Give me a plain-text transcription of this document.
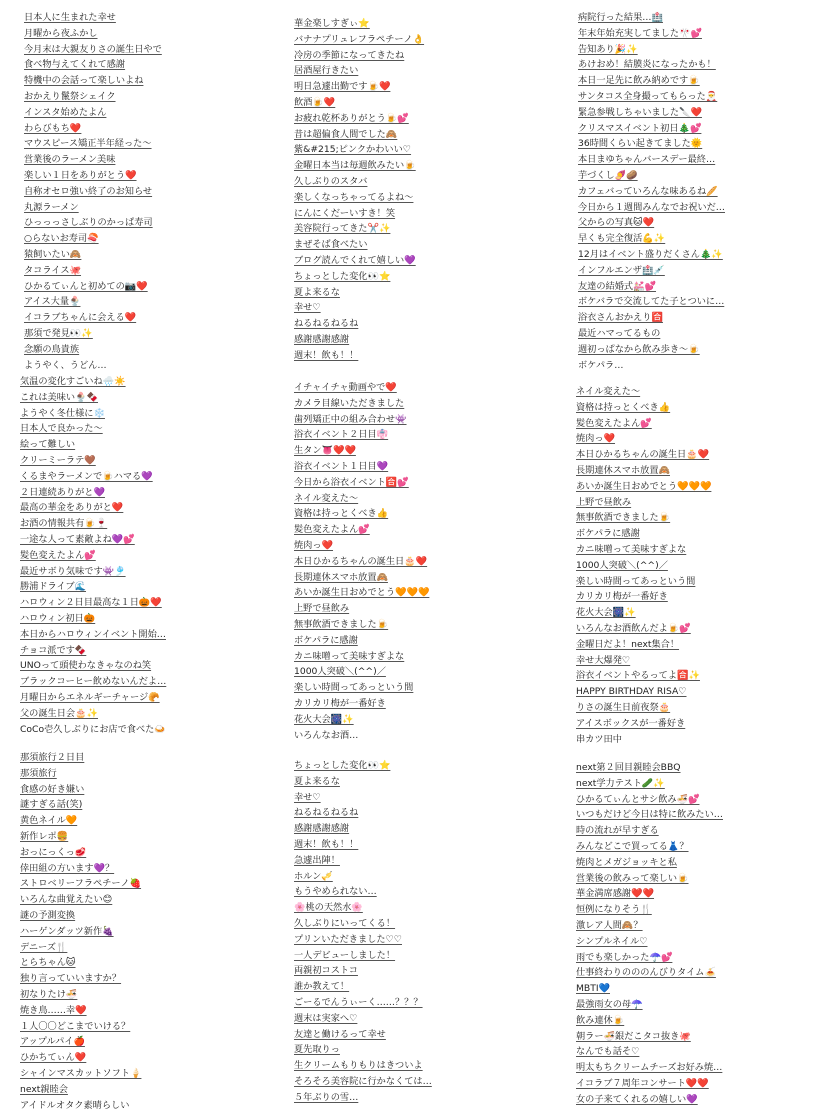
日本人に生まれた幸せ
月曜から夜ふかし
今月末は大親友りさの誕生日やで
食べ物与えてくれて感謝
特機中の会話って楽しいよね
おかえり鬣祭シェイク
インスタ始めたよん
わらびもち❤️
マウスピース矯正半年経った〜
営業後のラーメン美味
楽しい１日をありがとう❤️
自称オセロ強い終了のお知らせ
丸源ラーメン
ひっっっさしぶりのかっぱ寿司
○らないお寿司🍣
猿飼いたい🙈
タコライス🐙
ひかるてぃんと初めての📷❤️
アイス大量🍨
イコラブちゃんに会える❤️
那須で発見👀✨
念願の鳥貴族
ようやく、うどん…
華金楽しすぎぃ⭐
バナナプリュレフラペチーノ👌
冷房の季節になってきたね
居酒屋行きたい
明日急遽出勤です🍺❤️
飲酒🍺❤️
お疲れ乾杯ありがとう🍺💕
昔は超偏食人間でした🙈
紫&#215;ピンクかわいい♡
金曜日本当は毎週飲みたい🍺
久しぶりのスタバ
楽しくなっちゃってるよね〜
にんにくだーいすき！笑
美容院行ってきた✂️✨
まぜそば食べたい
ブログ読んでくれて嬉しい💜
ちょっとした変化👀⭐
夏よ来るな
幸せ♡
ねるねるねるね
感謝感謝感謝
週末！飲も！！
病院行った結果…🏥
年末年始充実してました🎌💕
告知あり🎉✨
あけおめ！結膜炎になったかも！
本日一足先に飲み納めです🍺
サンタコス全身撮ってもらった🎅
緊急参戦しちゃいました🔪❤️
クリスマスイベント初日🎄💕
36時間くらい起きてました🌞
本日まゆちゃんバースデー最終…
芋づくし🍠🥔
カフェバっていろんな味あるね🥖
今日から１週間みんなでお祝いだ…
父からの写真🐱❤️
早くも完全復活💪✨
12月はイベント盛りだくさん🎄✨
インフルエンザ🏥💉
友達の結婚式💒💕
ボケバラで交流してた子とついに…
浴衣さんおかえり🈴
最近ハマってるもの
週初っぱなから飲み歩き〜🍺
ボケパラ…
気温の変化すごいね🌧️☀️
これは美味い🍨🍫
ようやく冬仕様に❄️
日本人で良かった〜
絵って難しい
クリーミーラテ🤎
くるまやラーメンで🍺ハマる💜
２日連続ありがと💜
最高の華金をありがと❤️
お酒の情報共有🍺🍷
一途な人って素敵よね💜💕
髪色変えたよん💕
最近サボり気味です👾🎐
勝浦ドライブ🌊
ハロウィン２日目最高な１日🎃❤️
ハロウィン初日🎃
本日からハロウィンイベント開始…
チョコ派です🍫
UNOって頭使わなきゃなのね笑
ブラックコーヒー飲めないんだよ…
月曜日からエネルギーチャージ🥐
父の誕生日会🎂✨
CoCo壱久しぶりにお店で食べた🍛
イチャイチャ動画やで❤️
カメラ目線いただきました
歯列矯正中の組み合わせ👾
浴衣イベント２日目👘
生タン👅❤️❤️
浴衣イベント１日目💜
今日から浴衣イベント🈴💕
ネイル変えた〜
資格は持っとくべき👍
髪色変えたよん💕
焼肉っ❤️
本日ひかるちゃんの誕生日🎂❤️
長期連休スマホ放置🙈
あいか誕生日おめでとう🧡🧡🧡
上野で昼飲み
無事飲酒できました🍺
ボケパラに感謝
カニ味噌って美味すぎよな
1000人突破＼(^^)／
楽しい時間ってあっという間
カリカリ梅が一番好き
花火大会🎆✨
いろんなお酒…
ネイル変えた〜
資格は持っとくべき👍
髪色変えたよん💕
焼肉っ❤️
本日ひかるちゃんの誕生日🎂❤️
長期連休スマホ放置🙈
あいか誕生日おめでとう🧡🧡🧡
上野で昼飲み
無事飲酒できました🍺
ボケパラに感謝
カニ味噌って美味すぎよな
1000人突破＼(^^)／
楽しい時間ってあっという間
カリカリ梅が一番好き
花火大会🎆✨
いろんなお酒飲んだよ🍺💕
金曜日だよ！next集合！
幸せ大爆発♡
浴衣イベントやるってよ🈴✨
HAPPY BIRTHDAY RISA♡
りさの誕生日前夜祭🎂
アイスボックスが一番好き
串カツ田中
那須旅行２日目
那須旅行
食感の好き嫌い
謎すぎる話(笑)
黄色ネイル🧡
新作レポ🍔
おっにっくっ🥩
倖田組の方います💜？
ストロベリーフラペチーノ🍓
いろんな曲覚えたい😊
謎の予測変換
ハーゲンダッツ新作🍇
デニーズ🍴
とらちゃん🐱
独り言っていいますか？
初なりたけ🍜
焼き鳥……幸❤️
１人〇〇どこまでいける？
アップルパイ🍎
ひかちてぃん❤️
シャインマスカットソフト🍦
next親睦会
アイドルオタク素晴らしい
ちょっとした変化👀⭐
夏よ来るな
幸せ♡
ねるねるねるね
感謝感謝感謝
週末！飲も！！
急遽出陣！
ホルン🎺
もうやめられない…
🌸桃の天然水🌸
久しぶりにいってくる！
プリンいただきました♡♡
一人デビューしました！
両親初コストコ
誰か教えて！
ごーるでんうぃーく……？？？
週末は実家へ♡
友達と働けるって幸せ
夏先取りっ
生クリームもりもりはきついよ
そろそろ美容院に行かなくては…
５年ぶりの雪…
next第２回目親睦会BBQ
next学力テスト🥒✨
ひかるてぃんとサシ飲み🍜💕
いつもだけど今日は特に飲みたい…
時の流れが早すぎる
みんなどこで買ってる👗？
焼肉とメガジョッキと私
営業後の飲みって楽しい🍺
華金満席感謝❤️❤️
恒例になりそう🍴
激レア人間🙈？
シンプルネイル♡
雨でも楽しかった☂️💕
仕事終わりのののんびりタイム🍝
MBTI💙
最強雨女の母☂️
飲み連休🍺
朝ラー🍜銀だこタコ抜き🐙
なんでも話そ♡
明太もちクリームチーズお好み焼…
イコラブ７周年コンサート❤️❤️
女の子来てくれるの嬉しい💜
